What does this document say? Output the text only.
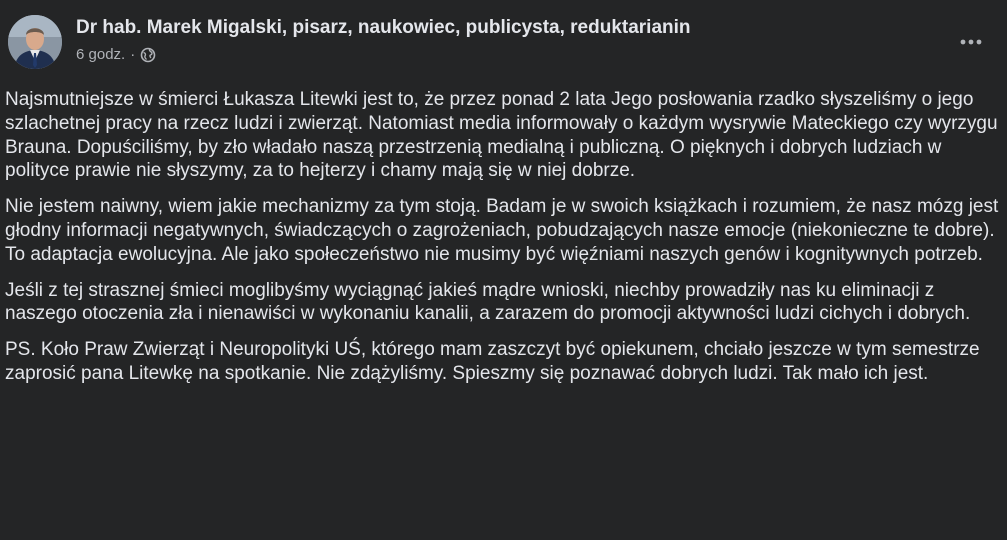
Dr hab. Marek Migalski, pisarz, naukowiec, publicysta, reduktarianin
6 godz. ·

Najsmutniejsze w śmierci Łukasza Litewki jest to, że przez ponad 2 lata Jego posłowania rzadko słyszeliśmy o jego szlachetnej pracy na rzecz ludzi i zwierząt. Natomiast media informowały o każdym wysrywie Mateckiego czy wyrzygu Brauna. Dopuściliśmy, by zło władało naszą przestrzenią medialną i publiczną. O pięknych i dobrych ludziach w polityce prawie nie słyszymy, za to hejterzy i chamy mają się w niej dobrze.

Nie jestem naiwny, wiem jakie mechanizmy za tym stoją. Badam je w swoich książkach i rozumiem, że nasz mózg jest głodny informacji negatywnych, świadczących o zagrożeniach, pobudzających nasze emocje (niekonieczne te dobre). To adaptacja ewolucyjna. Ale jako społeczeństwo nie musimy być więźniami naszych genów i kognitywnych potrzeb.

Jeśli z tej strasznej śmieci moglibyśmy wyciągnąć jakieś mądre wnioski, niechby prowadziły nas ku eliminacji z naszego otoczenia zła i nienawiści w wykonaniu kanalii, a zarazem do promocji aktywności ludzi cichych i dobrych.

PS. Koło Praw Zwierząt i Neuropolityki UŚ, którego mam zaszczyt być opiekunem, chciało jeszcze w tym semestrze zaprosić pana Litewkę na spotkanie. Nie zdążyliśmy. Spieszmy się poznawać dobrych ludzi. Tak mało ich jest.
